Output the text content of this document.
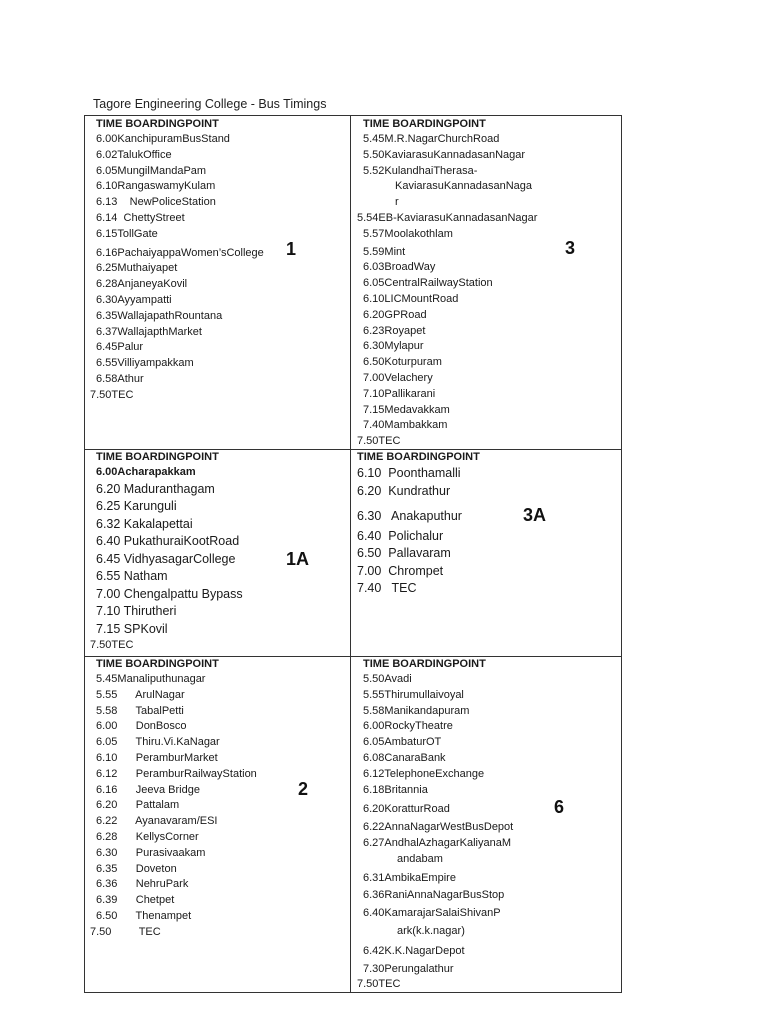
Tagore Engineering College - Bus Timings
TIME BOARDINGPOINT
6.00KanchipuramBusStand
6.02TalukOffice
6.05MungilMandaPam
6.10RangaswamyKulam
6.13    NewPoliceStation
6.14  ChettyStreet
6.15TollGate
6.16PachaiyappaWomen’sCollege
6.25Muthaiyapet
6.28AnjaneyaKovil
6.30Ayyampatti
6.35WallajapathRountana
6.37WallajapthMarket
6.45Palur
6.55Villiyampakkam
6.58Athur
7.50TEC
1
TIME BOARDINGPOINT
5.45M.R.NagarChurchRoad
5.50KaviarasuKannadasanNagar
5.52KulandhaiTherasa-
KaviarasuKannadasanNaga
r
5.54EB-KaviarasuKannadasanNagar
5.57Moolakothlam
5.59Mint
6.03BroadWay
6.05CentralRailwayStation
6.10LICMountRoad
6.20GPRoad
6.23Royapet
6.30Mylapur
6.50Koturpuram
7.00Velachery
7.10Pallikarani
7.15Medavakkam
7.40Mambakkam
7.50TEC
3
TIME BOARDINGPOINT
6.00Acharapakkam
6.20 Maduranthagam
6.25 Karunguli
6.32 Kakalapettai
6.40 PukathuraiKootRoad
6.45 VidhyasagarCollege
6.55 Natham
7.00 Chengalpattu Bypass
7.10 Thirutheri
7.15 SPKovil
7.50TEC
1A
TIME BOARDINGPOINT
6.10  Poonthamalli
6.20  Kundrathur
6.30   Anakaputhur
6.40  Polichalur
6.50  Pallavaram
7.00  Chrompet
7.40   TEC
3A
TIME BOARDINGPOINT
5.45Manaliputhunagar
5.55      ArulNagar
5.58      TabalPetti
6.00      DonBosco
6.05      Thiru.Vi.KaNagar
6.10      PeramburMarket
6.12      PeramburRailwayStation
6.16      Jeeva Bridge
6.20      Pattalam
6.22      Ayanavaram/ESI
6.28      KellysCorner
6.30      Purasivaakam
6.35      Doveton
6.36      NehruPark
6.39      Chetpet
6.50      Thenampet
7.50         TEC
2
TIME BOARDINGPOINT
5.50Avadi
5.55Thirumullaivoyal
5.58Manikandapuram
6.00RockyTheatre
6.05AmbaturOT
6.08CanaraBank
6.12TelephoneExchange
6.18Britannia
6.20KoratturRoad
6.22AnnaNagarWestBusDepot
6.27AndhalAzhagarKaliyanaM
andabam
6.31AmbikaEmpire
6.36RaniAnnaNagarBusStop
6.40KamarajarSalaiShivanP
ark(k.k.nagar)
6.42K.K.NagarDepot
7.30Perungalathur
7.50TEC
6
